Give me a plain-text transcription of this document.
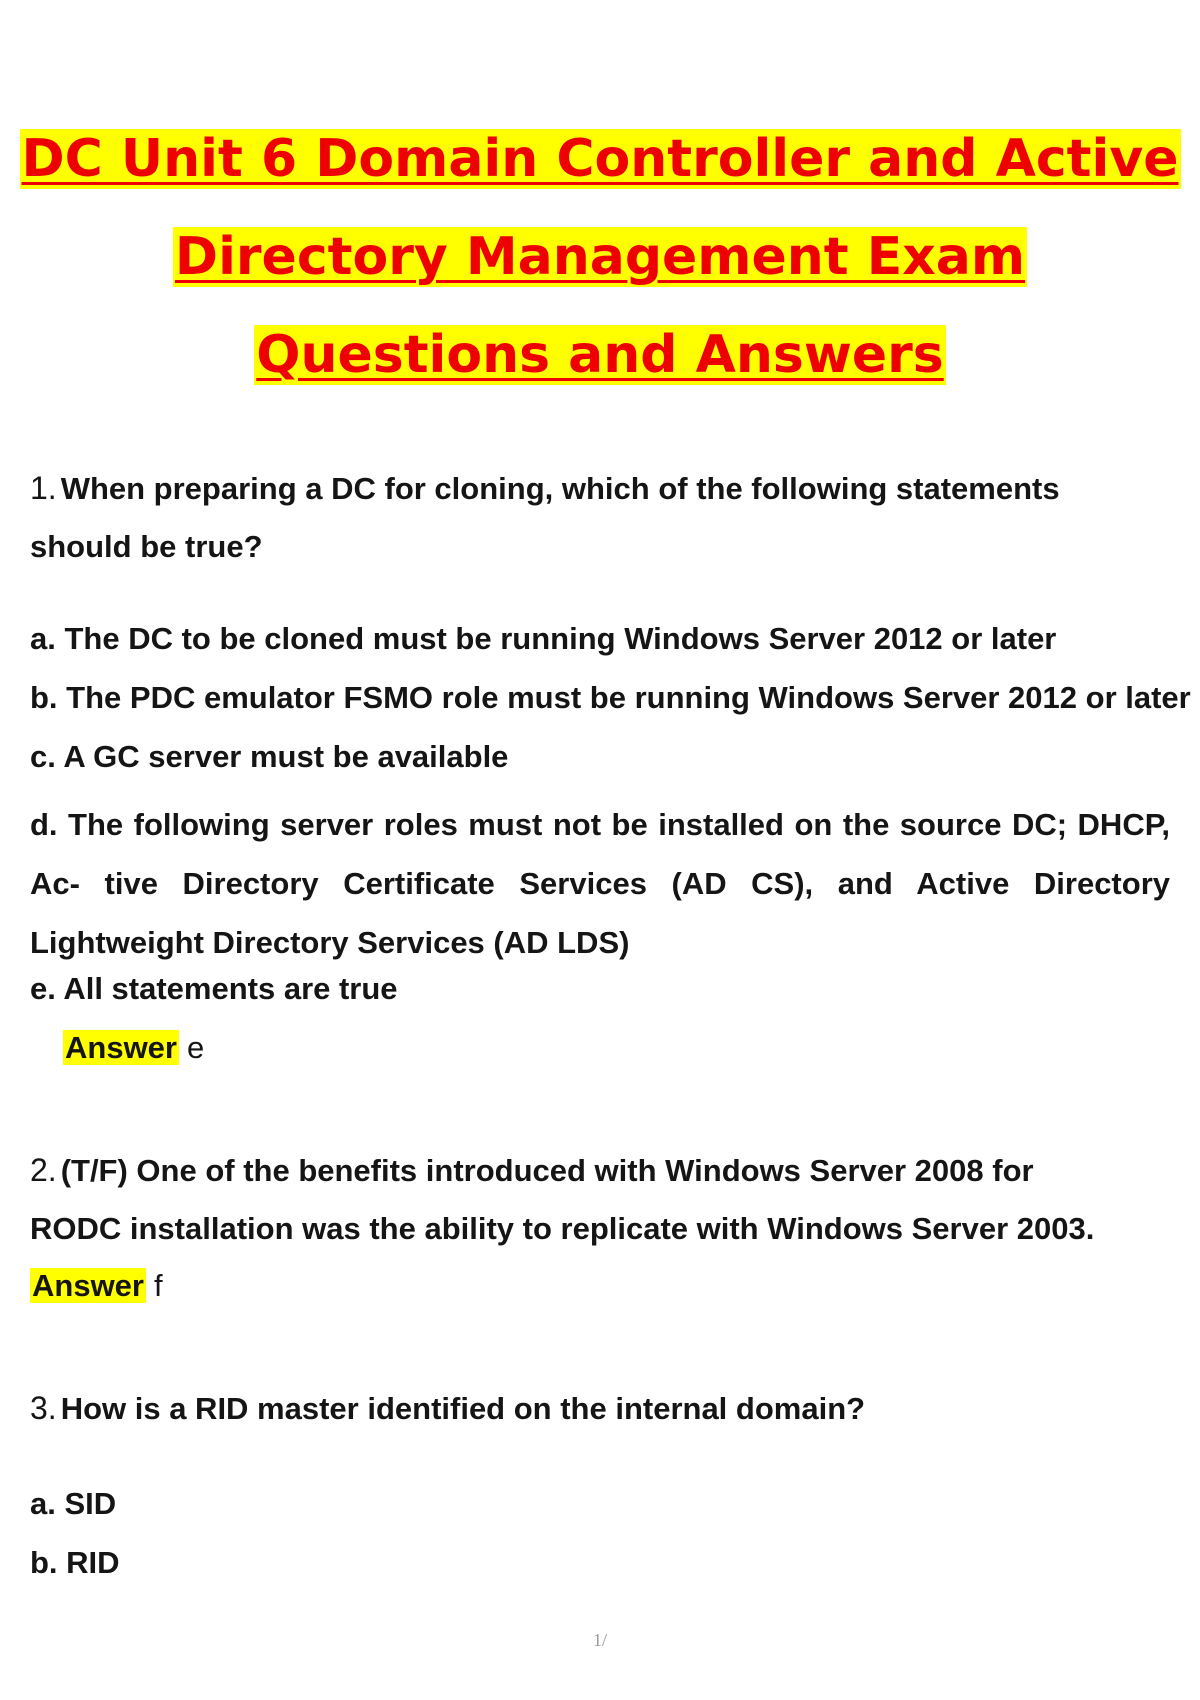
DC Unit 6 Domain Controller and Active
Directory Management Exam
Questions and Answers
1. When preparing a DC for cloning, which of the following statements
should be true?
a. The DC to be cloned must be running Windows Server 2012 or later
b. The PDC emulator FSMO role must be running Windows Server 2012 or later
c. A GC server must be available
d. The following server roles must not be installed on the source DC; DHCP, Ac- tive Directory Certificate Services (AD CS), and Active Directory Lightweight Directory Services (AD LDS)
e. All statements are true
Answer e
2. (T/F) One of the benefits introduced with Windows Server 2008 for
RODC installation was the ability to replicate with Windows Server 2003.
Answer f
3. How is a RID master identified on the internal domain?
a. SID
b. RID
1/
